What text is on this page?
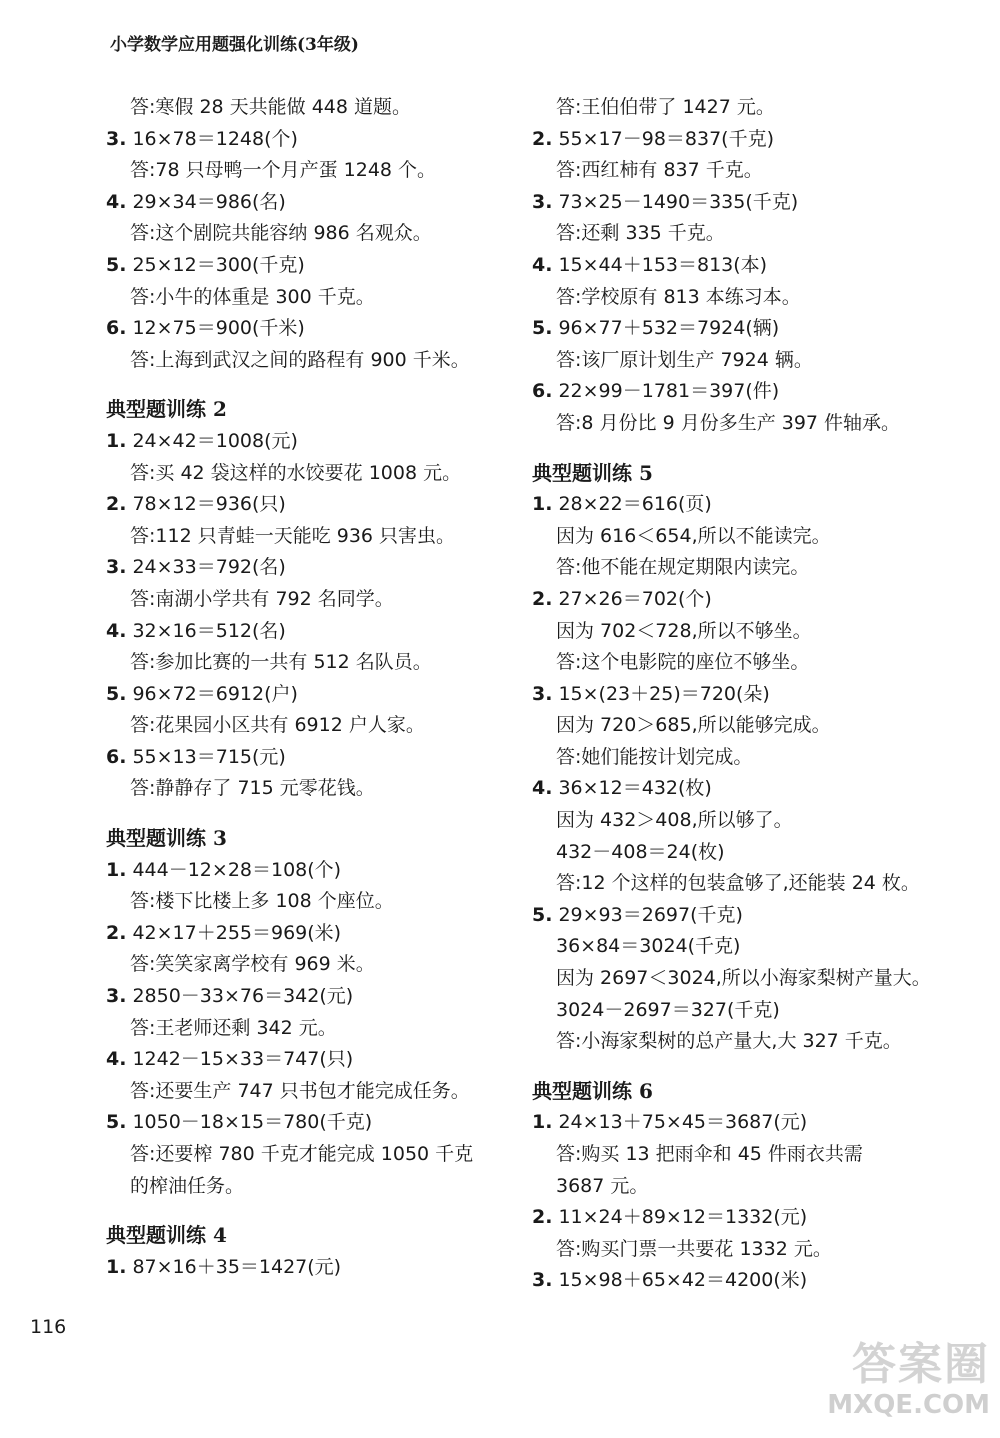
小学数学应用题强化训练(3年级)
答:寒假 28 天共能做 448 道题。
3. 16×78＝1248(个)
答:78 只母鸭一个月产蛋 1248 个。
4. 29×34＝986(名)
答:这个剧院共能容纳 986 名观众。
5. 25×12＝300(千克)
答:小牛的体重是 300 千克。
6. 12×75＝900(千米)
答:上海到武汉之间的路程有 900 千米。
典型题训练 2
1. 24×42＝1008(元)
答:买 42 袋这样的水饺要花 1008 元。
2. 78×12＝936(只)
答:112 只青蛙一天能吃 936 只害虫。
3. 24×33＝792(名)
答:南湖小学共有 792 名同学。
4. 32×16＝512(名)
答:参加比赛的一共有 512 名队员。
5. 96×72＝6912(户)
答:花果园小区共有 6912 户人家。
6. 55×13＝715(元)
答:静静存了 715 元零花钱。
典型题训练 3
1. 444－12×28＝108(个)
答:楼下比楼上多 108 个座位。
2. 42×17＋255＝969(米)
答:笑笑家离学校有 969 米。
3. 2850－33×76＝342(元)
答:王老师还剩 342 元。
4. 1242－15×33＝747(只)
答:还要生产 747 只书包才能完成任务。
5. 1050－18×15＝780(千克)
答:还要榨 780 千克才能完成 1050 千克
的榨油任务。
典型题训练 4
1. 87×16＋35＝1427(元)
答:王伯伯带了 1427 元。
2. 55×17－98＝837(千克)
答:西红柿有 837 千克。
3. 73×25－1490＝335(千克)
答:还剩 335 千克。
4. 15×44＋153＝813(本)
答:学校原有 813 本练习本。
5. 96×77＋532＝7924(辆)
答:该厂原计划生产 7924 辆。
6. 22×99－1781＝397(件)
答:8 月份比 9 月份多生产 397 件轴承。
典型题训练 5
1. 28×22＝616(页)
因为 616＜654,所以不能读完。
答:他不能在规定期限内读完。
2. 27×26＝702(个)
因为 702＜728,所以不够坐。
答:这个电影院的座位不够坐。
3. 15×(23＋25)＝720(朵)
因为 720＞685,所以能够完成。
答:她们能按计划完成。
4. 36×12＝432(枚)
因为 432＞408,所以够了。
432－408＝24(枚)
答:12 个这样的包装盒够了,还能装 24 枚。
5. 29×93＝2697(千克)
36×84＝3024(千克)
因为 2697＜3024,所以小海家梨树产量大。
3024－2697＝327(千克)
答:小海家梨树的总产量大,大 327 千克。
典型题训练 6
1. 24×13＋75×45＝3687(元)
答:购买 13 把雨伞和 45 件雨衣共需
3687 元。
2. 11×24＋89×12＝1332(元)
答:购买门票一共要花 1332 元。
3. 15×98＋65×42＝4200(米)
116
答案圈
MXQE.COM
